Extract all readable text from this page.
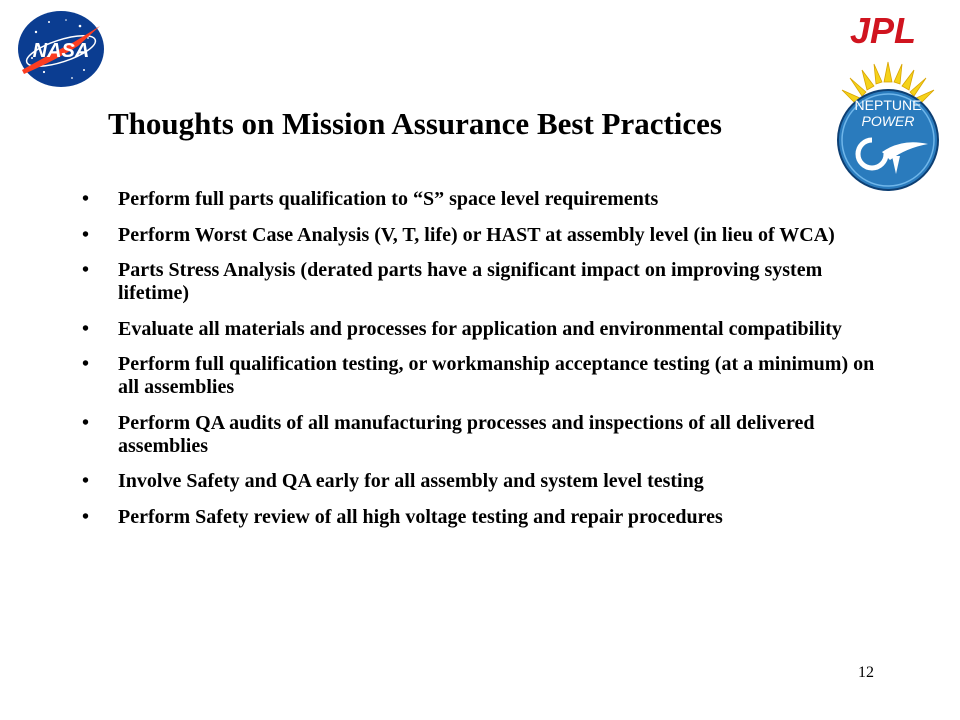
NASA	JPL
NEPTUNE
POWER
Thoughts on Mission Assurance Best Practices
•	Perform full parts qualification to “S” space level requirements
•	Perform Worst Case Analysis (V, T, life) or HAST at assembly level (in lieu of WCA)
•	Parts Stress Analysis (derated parts have a significant impact on improving system lifetime)
•	Evaluate all materials and processes for application and environmental compatibility
•	Perform full qualification testing, or workmanship acceptance testing (at a minimum) on all assemblies
•	Perform QA audits of all manufacturing processes and inspections of all delivered assemblies
•	Involve Safety and QA early for all assembly and system level testing
•	Perform Safety review of all high voltage testing and repair procedures
12
